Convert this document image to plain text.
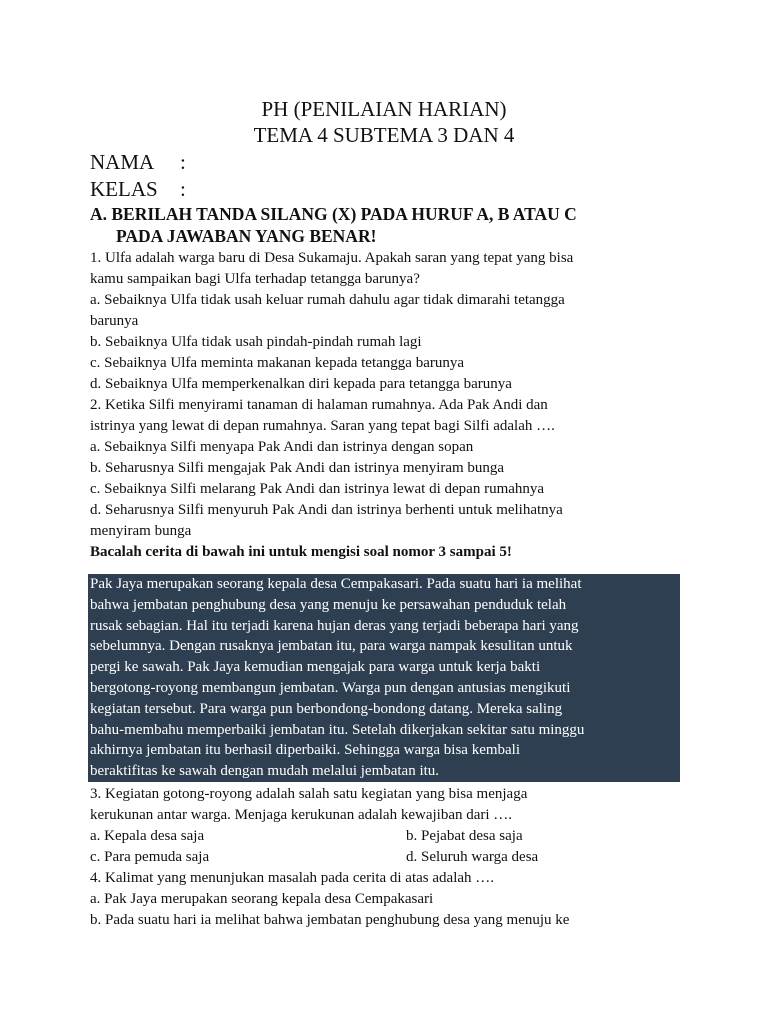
PH (PENILAIAN HARIAN)
TEMA 4 SUBTEMA 3 DAN 4
NAMA :
KELAS :
A. BERILAH TANDA SILANG (X) PADA HURUF A, B ATAU C
PADA JAWABAN YANG BENAR!
1. Ulfa adalah warga baru di Desa Sukamaju. Apakah saran yang tepat yang bisa
kamu sampaikan bagi Ulfa terhadap tetangga barunya?
a. Sebaiknya Ulfa tidak usah keluar rumah dahulu agar tidak dimarahi tetangga
barunya
b. Sebaiknya Ulfa tidak usah pindah-pindah rumah lagi
c. Sebaiknya Ulfa meminta makanan kepada tetangga barunya
d. Sebaiknya Ulfa memperkenalkan diri kepada para tetangga barunya
2. Ketika Silfi menyirami tanaman di halaman rumahnya. Ada Pak Andi dan
istrinya yang lewat di depan rumahnya. Saran yang tepat bagi Silfi adalah ….
a. Sebaiknya Silfi menyapa Pak Andi dan istrinya dengan sopan
b. Seharusnya Silfi mengajak Pak Andi dan istrinya menyiram bunga
c. Sebaiknya Silfi melarang Pak Andi dan istrinya lewat di depan rumahnya
d. Seharusnya Silfi menyuruh Pak Andi dan istrinya berhenti untuk melihatnya
menyiram bunga
Bacalah cerita di bawah ini untuk mengisi soal nomor 3 sampai 5!
Pak Jaya merupakan seorang kepala desa Cempakasari. Pada suatu hari ia melihat
bahwa jembatan penghubung desa yang menuju ke persawahan penduduk telah
rusak sebagian. Hal itu terjadi karena hujan deras yang terjadi beberapa hari yang
sebelumnya. Dengan rusaknya jembatan itu, para warga nampak kesulitan untuk
pergi ke sawah. Pak Jaya kemudian mengajak para warga untuk kerja bakti
bergotong-royong membangun jembatan. Warga pun dengan antusias mengikuti
kegiatan tersebut. Para warga pun berbondong-bondong datang. Mereka saling
bahu-membahu memperbaiki jembatan itu. Setelah dikerjakan sekitar satu minggu
akhirnya jembatan itu berhasil diperbaiki. Sehingga warga bisa kembali
beraktifitas ke sawah dengan mudah melalui jembatan itu.
3. Kegiatan gotong-royong adalah salah satu kegiatan yang bisa menjaga
kerukunan antar warga. Menjaga kerukunan adalah kewajiban dari ….
a. Kepala desa saja	b. Pejabat desa saja
c. Para pemuda saja	d. Seluruh warga desa
4. Kalimat yang menunjukan masalah pada cerita di atas adalah ….
a. Pak Jaya merupakan seorang kepala desa Cempakasari
b. Pada suatu hari ia melihat bahwa jembatan penghubung desa yang menuju ke
